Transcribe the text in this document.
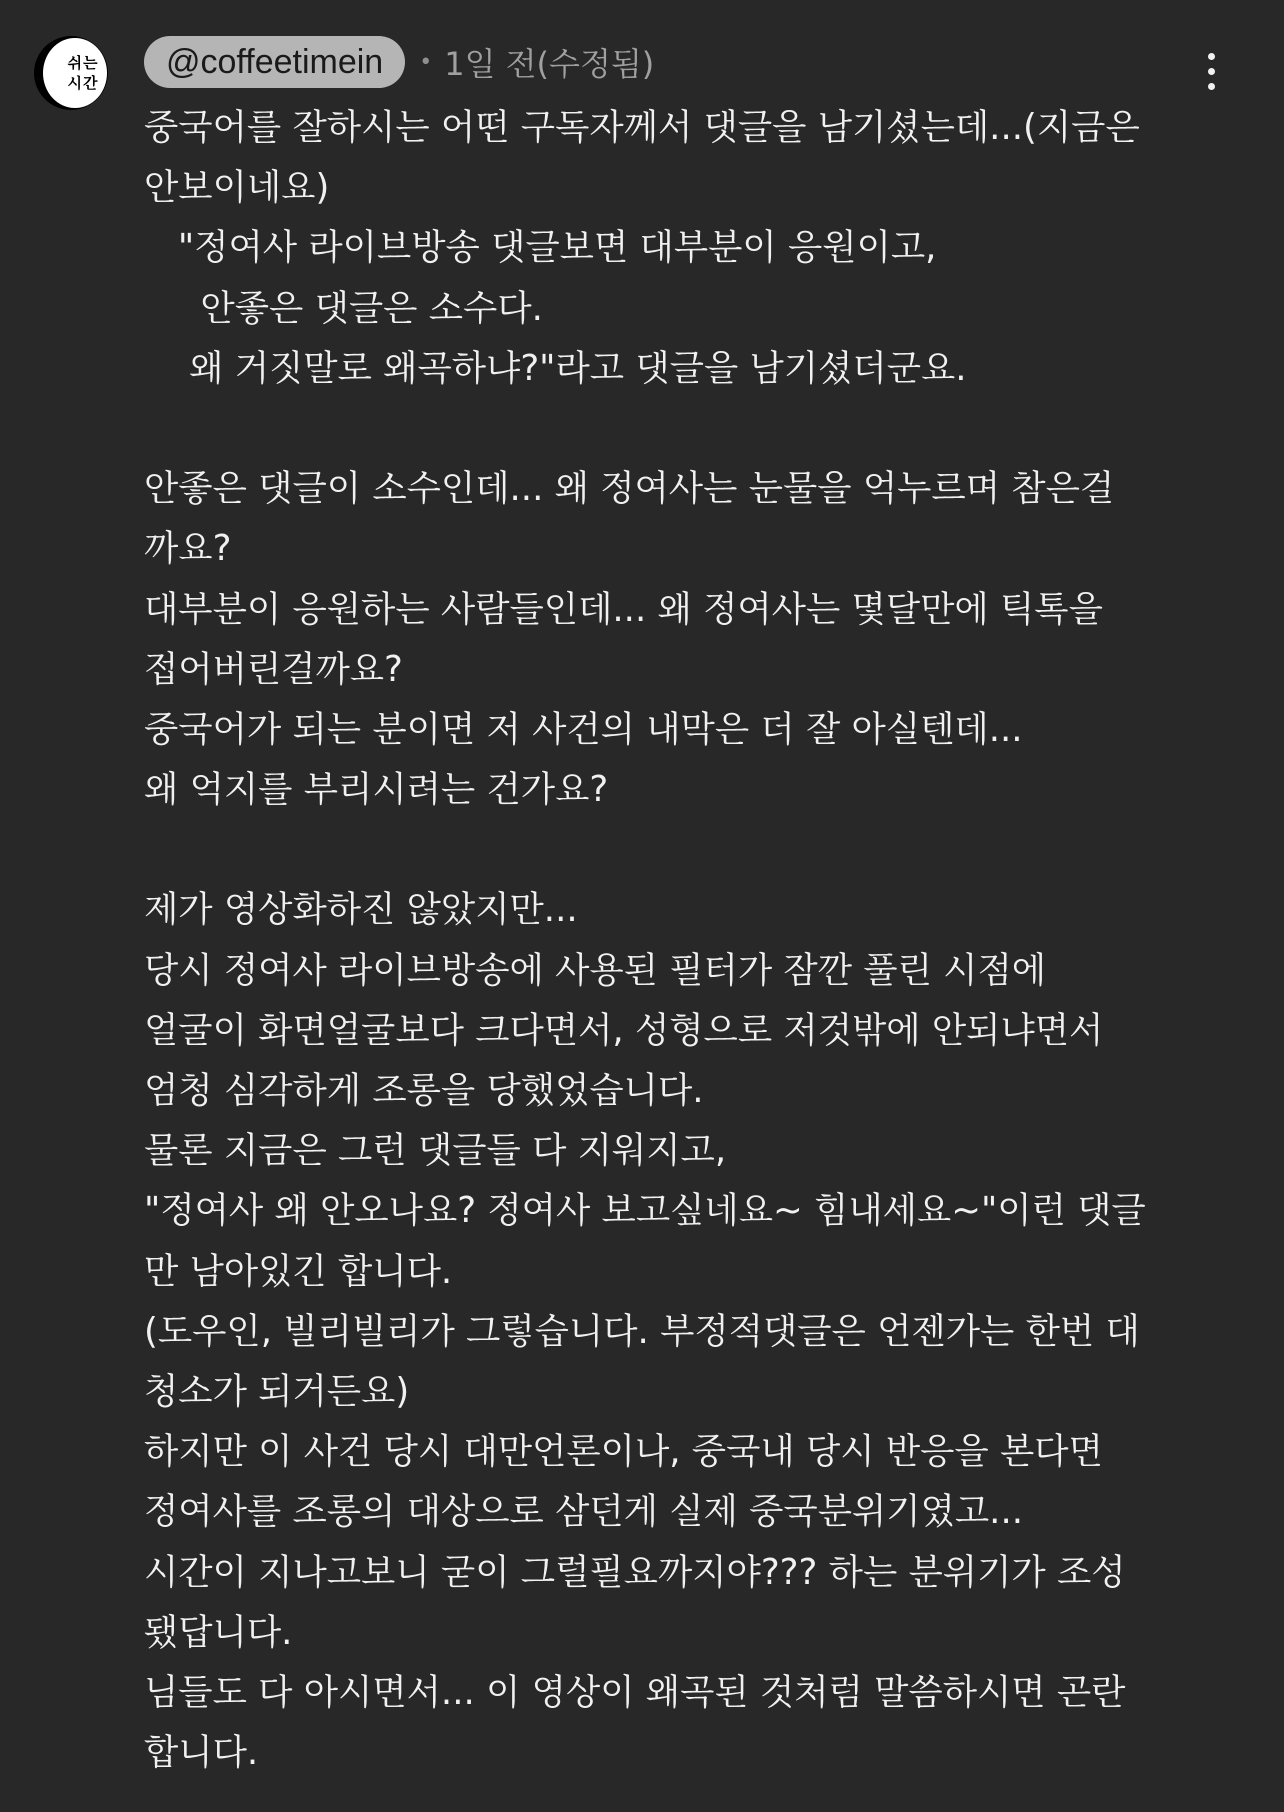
쉬는
시간
@coffeetimein	• 1일 전(수정됨)
중국어를 잘하시는 어떤 구독자께서 댓글을 남기셨는데...(지금은
안보이네요)
"정여사 라이브방송 댓글보면 대부분이 응원이고,
안좋은 댓글은 소수다.
왜 거짓말로 왜곡하냐?"라고 댓글을 남기셨더군요.
안좋은 댓글이 소수인데... 왜 정여사는 눈물을 억누르며 참은걸
까요?
대부분이 응원하는 사람들인데... 왜 정여사는 몇달만에 틱톡을
접어버린걸까요?
중국어가 되는 분이면 저 사건의 내막은 더 잘 아실텐데...
왜 억지를 부리시려는 건가요?
제가 영상화하진 않았지만...
당시 정여사 라이브방송에 사용된 필터가 잠깐 풀린 시점에
얼굴이 화면얼굴보다 크다면서, 성형으로 저것밖에 안되냐면서
엄청 심각하게 조롱을 당했었습니다.
물론 지금은 그런 댓글들 다 지워지고,
"정여사 왜 안오나요? 정여사 보고싶네요~ 힘내세요~"이런 댓글
만 남아있긴 합니다.
(도우인, 빌리빌리가 그렇습니다. 부정적댓글은 언젠가는 한번 대
청소가 되거든요)
하지만 이 사건 당시 대만언론이나, 중국내 당시 반응을 본다면
정여사를 조롱의 대상으로 삼던게 실제 중국분위기였고...
시간이 지나고보니 굳이 그럴필요까지야??? 하는 분위기가 조성
됐답니다.
님들도 다 아시면서... 이 영상이 왜곡된 것처럼 말씀하시면 곤란
합니다.
